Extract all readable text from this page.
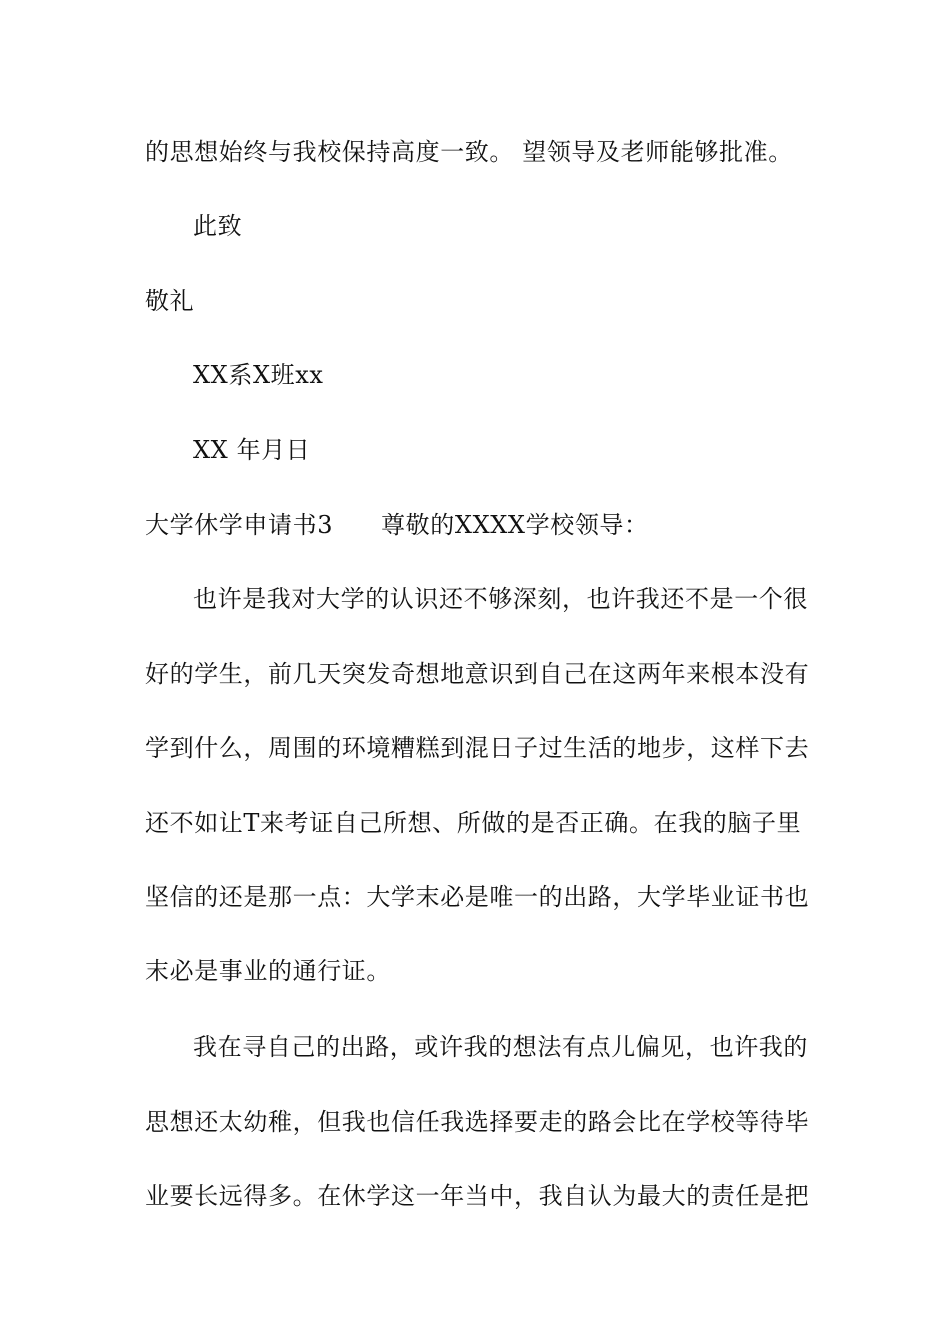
的思想始终与我校保持高度一致。 望领导及老师能够批准。
此致
敬礼
XX系X班xx
XX 年月日
大学休学申请书3 尊敬的XXXX学校领导：
也许是我对大学的认识还不够深刻，也许我还不是一个很
好的学生，前几天突发奇想地意识到自己在这两年来根本没有
学到什么，周围的环境糟糕到混日子过生活的地步，这样下去
还不如让T来考证自己所想、所做的是否正确。在我的脑子里
坚信的还是那一点：大学末必是唯一的出路，大学毕业证书也
末必是事业的通行证。
我在寻自己的出路，或许我的想法有点儿偏见，也许我的
思想还太幼稚，但我也信任我选择要走的路会比在学校等待毕
业要长远得多。在休学这一年当中，我自认为最大的责任是把
